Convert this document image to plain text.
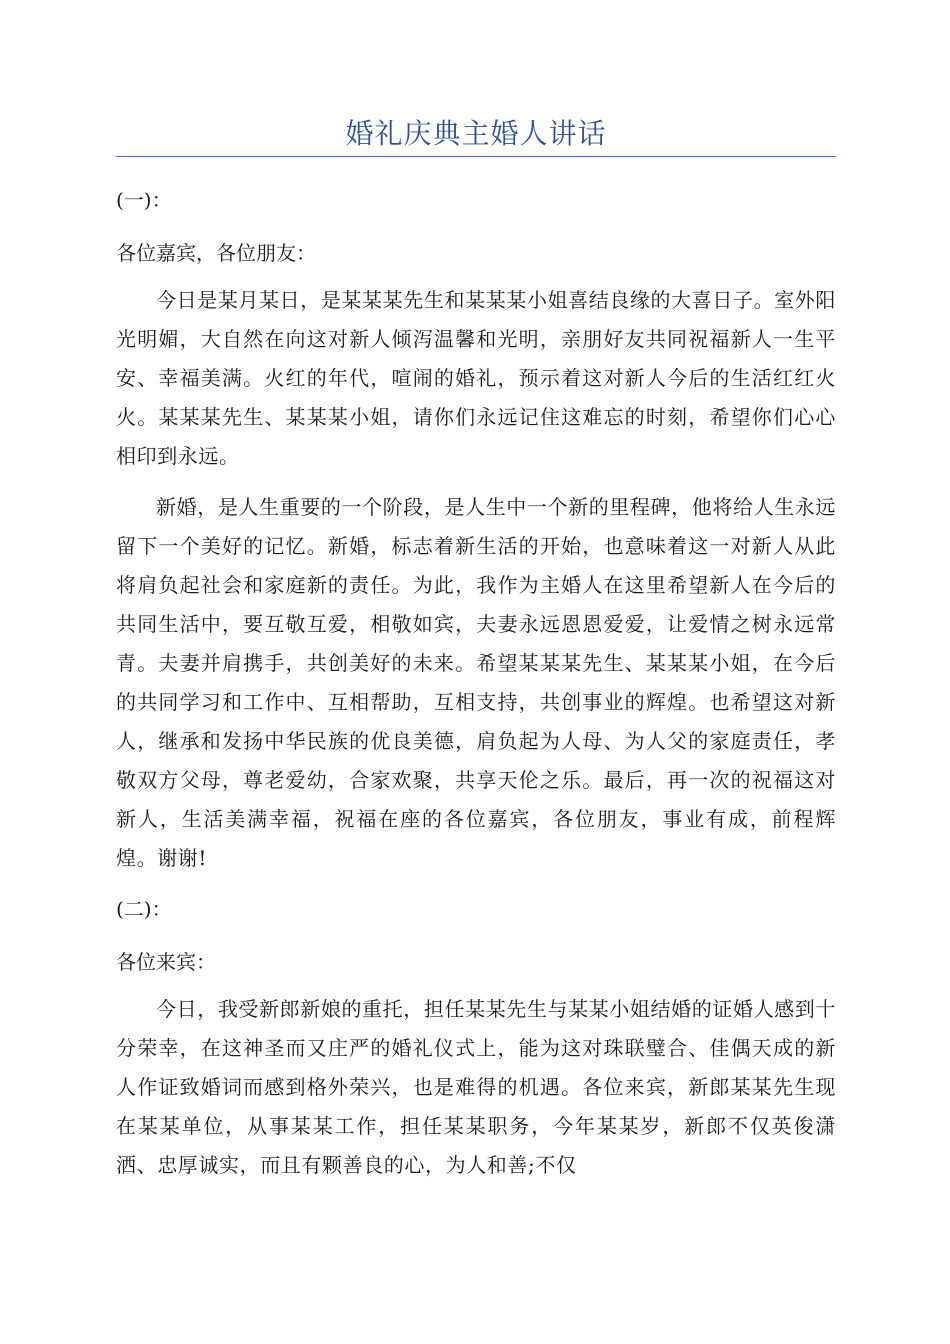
婚礼庆典主婚人讲话
(一)：
各位嘉宾，各位朋友：

今日是某月某日，是某某某先生和某某某小姐喜结良缘的大喜日子。室外阳光明媚，大自然在向这对新人倾泻温馨和光明，亲朋好友共同祝福新人一生平安、幸福美满。火红的年代，喧闹的婚礼，预示着这对新人今后的生活红红火火。某某某先生、某某某小姐，请你们永远记住这难忘的时刻，希望你们心心相印到永远。

新婚，是人生重要的一个阶段，是人生中一个新的里程碑，他将给人生永远留下一个美好的记忆。新婚，标志着新生活的开始，也意味着这一对新人从此将肩负起社会和家庭新的责任。为此，我作为主婚人在这里希望新人在今后的共同生活中，要互敬互爱，相敬如宾，夫妻永远恩恩爱爱，让爱情之树永远常青。夫妻并肩携手，共创美好的未来。希望某某某先生、某某某小姐，在今后的共同学习和工作中、互相帮助，互相支持，共创事业的辉煌。也希望这对新人，继承和发扬中华民族的优良美德，肩负起为人母、为人父的家庭责任，孝敬双方父母，尊老爱幼，合家欢聚，共享天伦之乐。最后，再一次的祝福这对新人，生活美满幸福，祝福在座的各位嘉宾，各位朋友，事业有成，前程辉煌。谢谢!

(二)：
各位来宾：

今日，我受新郎新娘的重托，担任某某先生与某某小姐结婚的证婚人感到十分荣幸，在这神圣而又庄严的婚礼仪式上，能为这对珠联璧合、佳偶天成的新人作证致婚词而感到格外荣兴，也是难得的机遇。各位来宾，新郎某某先生现在某某单位，从事某某工作，担任某某职务，今年某某岁，新郎不仅英俊潇洒、忠厚诚实，而且有颗善良的心，为人和善;不仅
